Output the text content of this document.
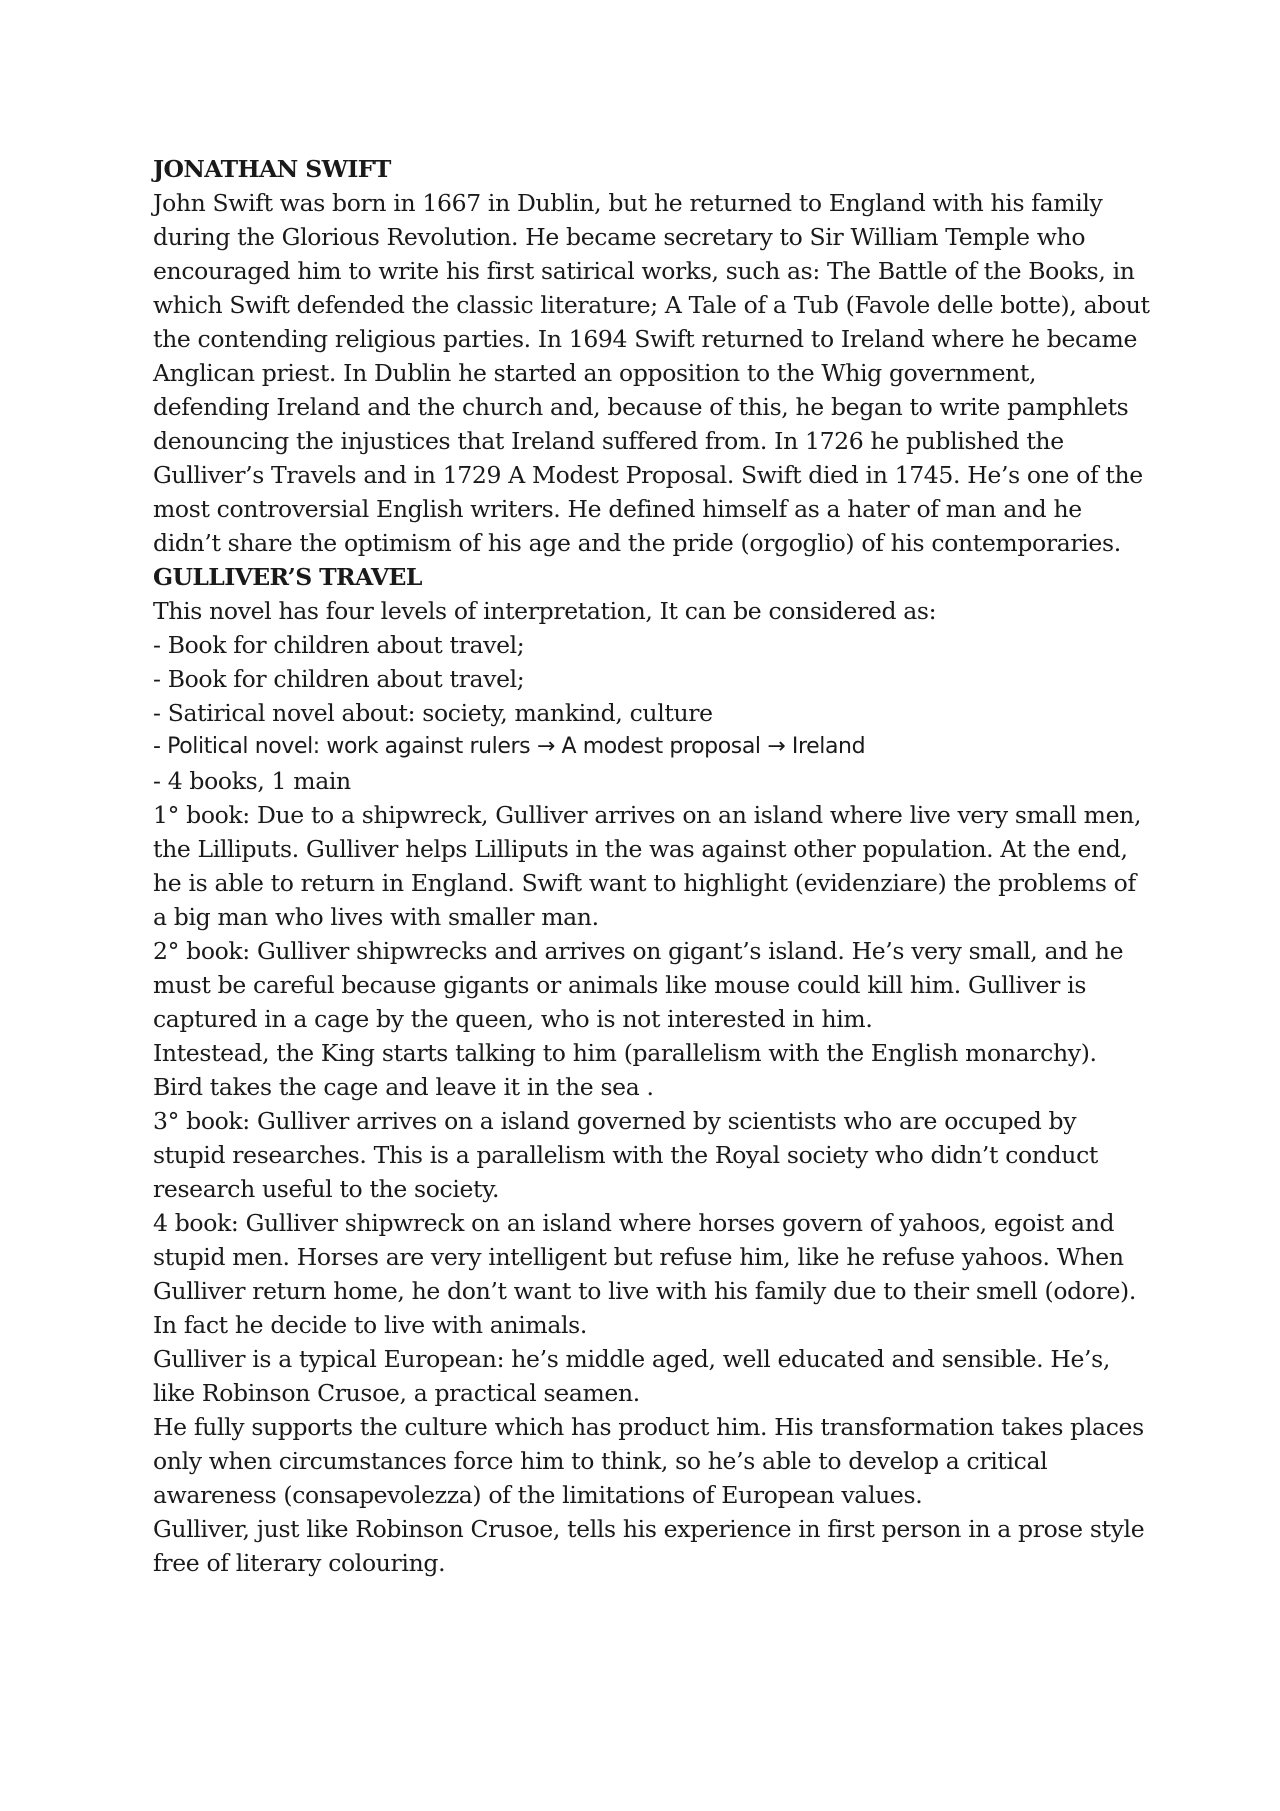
JONATHAN SWIFT
John Swift was born in 1667 in Dublin, but he returned to England with his family
during the Glorious Revolution. He became secretary to Sir William Temple who
encouraged him to write his first satirical works, such as: The Battle of the Books, in
which Swift defended the classic literature; A Tale of a Tub (Favole delle botte), about
the contending religious parties. In 1694 Swift returned to Ireland where he became
Anglican priest. In Dublin he started an opposition to the Whig government,
defending Ireland and the church and, because of this, he began to write pamphlets
denouncing the injustices that Ireland suffered from. In 1726 he published the
Gulliver’s Travels and in 1729 A Modest Proposal. Swift died in 1745. He’s one of the
most controversial English writers. He defined himself as a hater of man and he
didn’t share the optimism of his age and the pride (orgoglio) of his contemporaries.
GULLIVER’S TRAVEL
This novel has four levels of interpretation, It can be considered as:
- Book for children about travel;
- Book for children about travel;
- Satirical novel about: society, mankind, culture
- Political novel: work against rulers → A modest proposal → Ireland
- 4 books, 1 main
1° book: Due to a shipwreck, Gulliver arrives on an island where live very small men,
the Lilliputs. Gulliver helps Lilliputs in the was against other population. At the end,
he is able to return in England. Swift want to highlight (evidenziare) the problems of
a big man who lives with smaller man.
2° book: Gulliver shipwrecks and arrives on gigant’s island. He’s very small, and he
must be careful because gigants or animals like mouse could kill him. Gulliver is
captured in a cage by the queen, who is not interested in him.
Intestead, the King starts talking to him (parallelism with the English monarchy).
Bird takes the cage and leave it in the sea .
3° book: Gulliver arrives on a island governed by scientists who are occuped by
stupid researches. This is a parallelism with the Royal society who didn’t conduct
research useful to the society.
4 book: Gulliver shipwreck on an island where horses govern of yahoos, egoist and
stupid men. Horses are very intelligent but refuse him, like he refuse yahoos. When
Gulliver return home, he don’t want to live with his family due to their smell (odore).
In fact he decide to live with animals.
Gulliver is a typical European: he’s middle aged, well educated and sensible. He’s,
like Robinson Crusoe, a practical seamen.
He fully supports the culture which has product him. His transformation takes places
only when circumstances force him to think, so he’s able to develop a critical
awareness (consapevolezza) of the limitations of European values.
Gulliver, just like Robinson Crusoe, tells his experience in first person in a prose style
free of literary colouring.
